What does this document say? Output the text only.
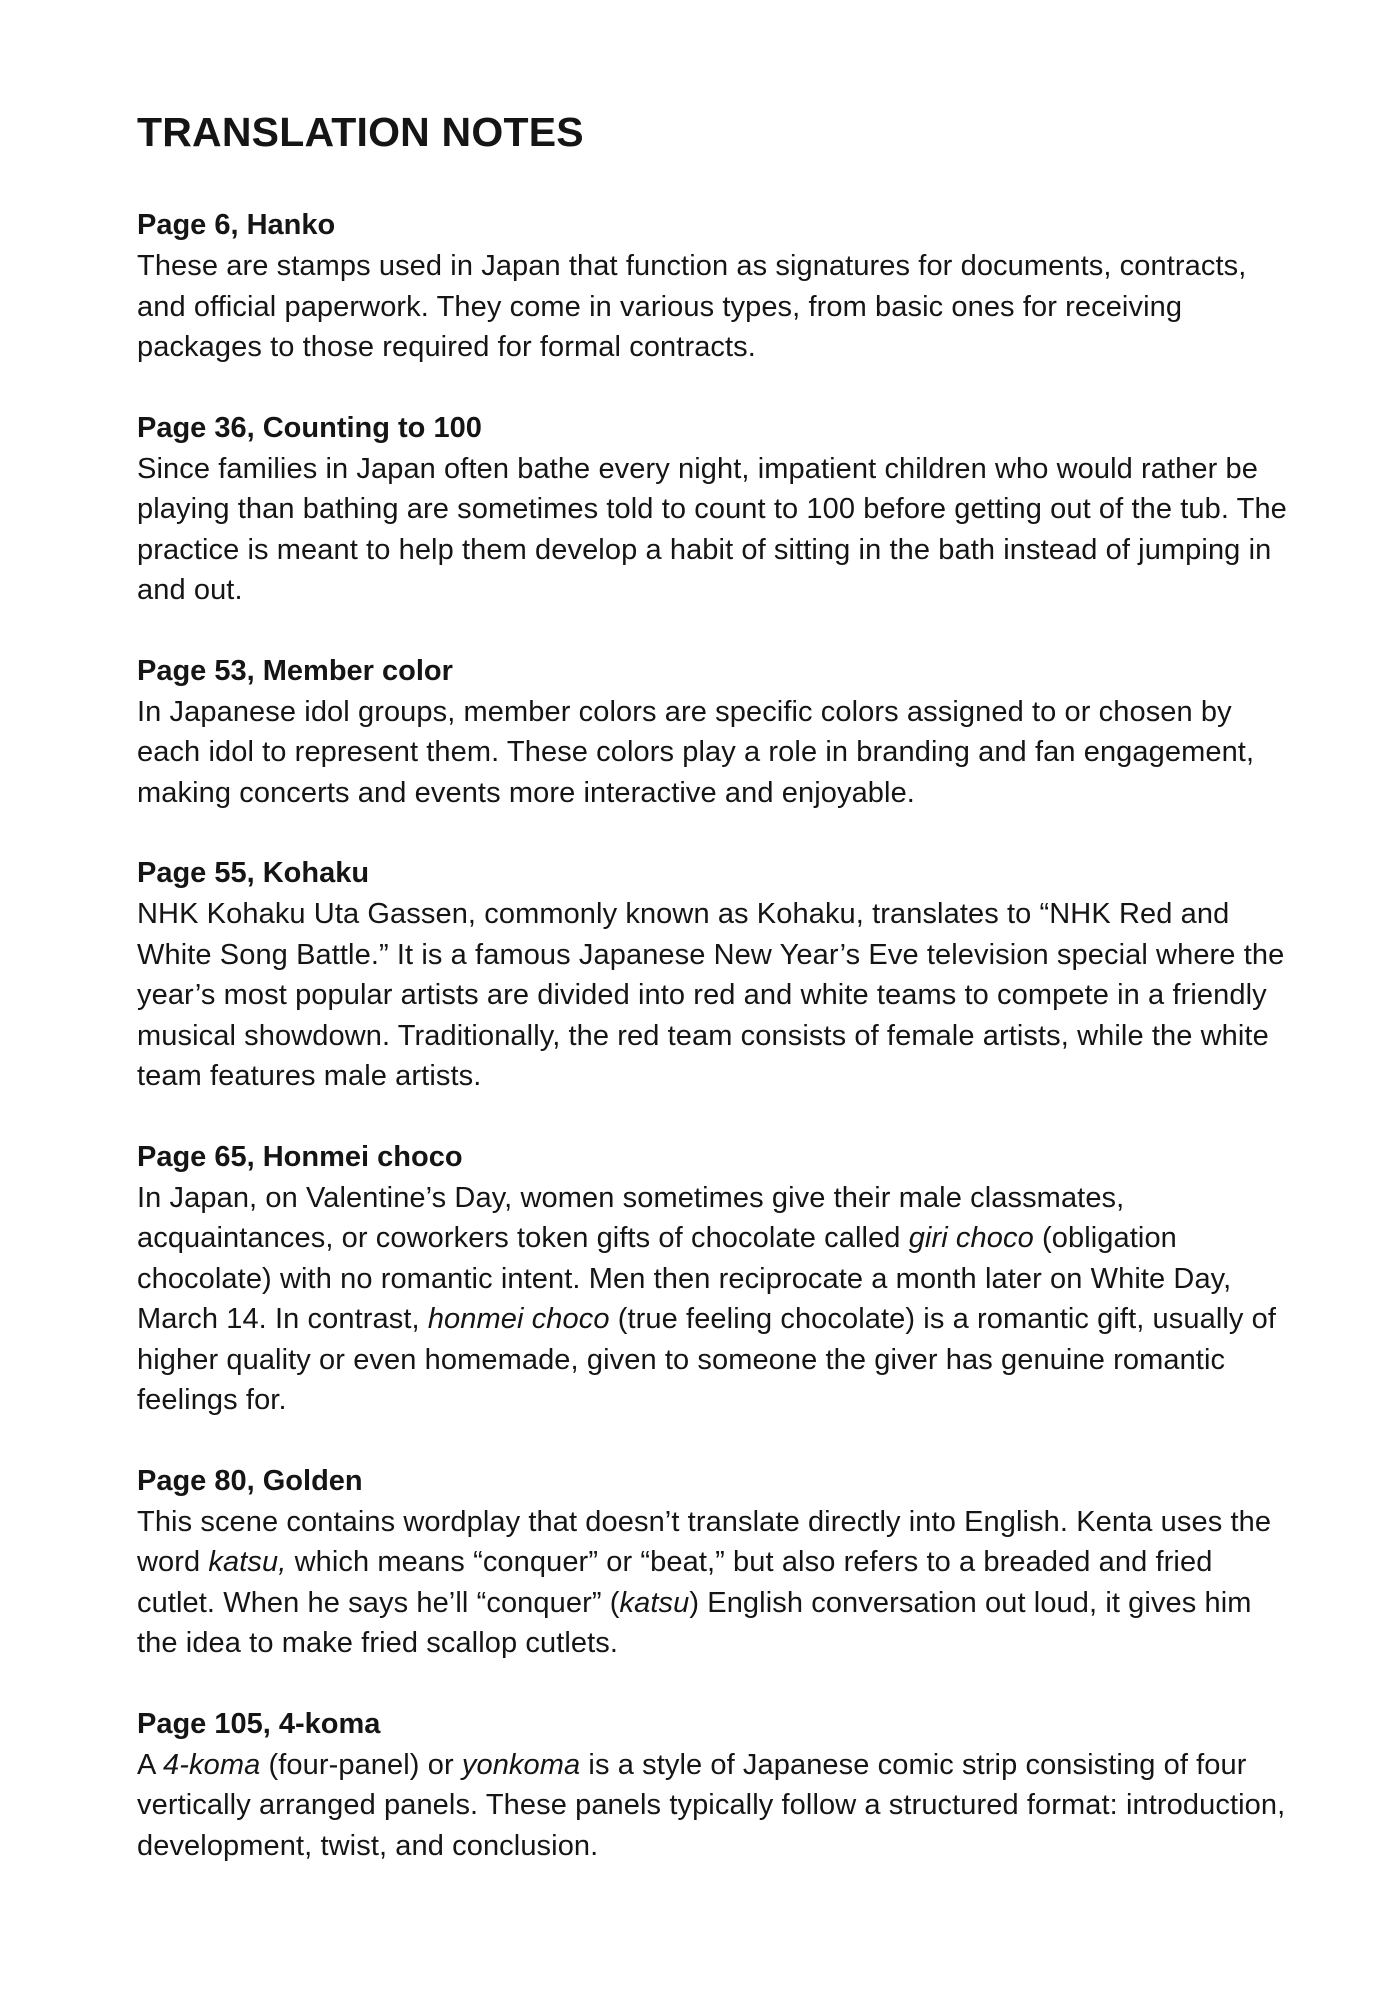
TRANSLATION NOTES
Page 6, Hanko

These are stamps used in Japan that function as signatures for documents, contracts, and official paperwork. They come in various types, from basic ones for receiving packages to those required for formal contracts.

Page 36, Counting to 100

Since families in Japan often bathe every night, impatient children who would rather be playing than bathing are sometimes told to count to 100 before getting out of the tub. The practice is meant to help them develop a habit of sitting in the bath instead of jumping in and out.

Page 53, Member color

In Japanese idol groups, member colors are specific colors assigned to or chosen by each idol to represent them. These colors play a role in branding and fan engagement, making concerts and events more interactive and enjoyable.

Page 55, Kohaku

NHK Kohaku Uta Gassen, commonly known as Kohaku, translates to “NHK Red and White Song Battle.” It is a famous Japanese New Year’s Eve television special where the year’s most popular artists are divided into red and white teams to compete in a friendly musical showdown. Traditionally, the red team consists of female artists, while the white team features male artists.

Page 65, Honmei choco

In Japan, on Valentine’s Day, women sometimes give their male classmates, acquaintances, or coworkers token gifts of chocolate called giri choco (obligation chocolate) with no romantic intent. Men then reciprocate a month later on White Day, March 14. In contrast, honmei choco (true feeling chocolate) is a romantic gift, usually of higher quality or even homemade, given to someone the giver has genuine romantic feelings for.

Page 80, Golden

This scene contains wordplay that doesn’t translate directly into English. Kenta uses the word katsu, which means “conquer” or “beat,” but also refers to a breaded and fried cutlet. When he says he’ll “conquer” (katsu) English conversation out loud, it gives him the idea to make fried scallop cutlets.

Page 105, 4-koma

A 4-koma (four-panel) or yonkoma is a style of Japanese comic strip consisting of four vertically arranged panels. These panels typically follow a structured format: introduction, development, twist, and conclusion.
